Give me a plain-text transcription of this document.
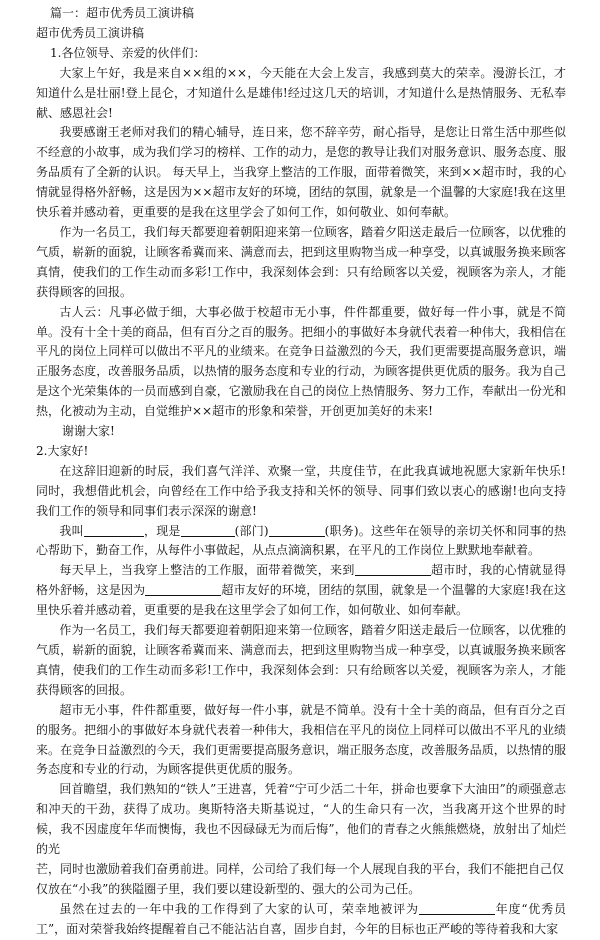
篇一：超市优秀员工演讲稿
超市优秀员工演讲稿
1.各位领导、亲爱的伙伴们：
大家上午好，我是来自××组的××，今天能在大会上发言，我感到莫大的荣幸。漫游长江，才知道什么是壮丽!登上昆仑，才知道什么是雄伟!经过这几天的培训，才知道什么是热情服务、无私奉献、感恩社会!
我要感谢王老师对我们的精心辅导，连日来，您不辞辛劳，耐心指导，是您让日常生活中那些似不经意的小故事，成为我们学习的榜样、工作的动力，是您的教导让我们对服务意识、服务态度、服务品质有了全新的认识。 每天早上，当我穿上整洁的工作服，面带着微笑，来到××超市时，我的心情就显得格外舒畅，这是因为××超市友好的环境，团结的氛围，就象是一个温馨的大家庭!我在这里快乐着并感动着，更重要的是我在这里学会了如何工作，如何敬业、如何奉献。
作为一名员工，我们每天都要迎着朝阳迎来第一位顾客，踏着夕阳送走最后一位顾客，以优雅的气质，崭新的面貌，让顾客希冀而来、满意而去，把到这里购物当成一种享受，以真诚服务换来顾客真情，使我们的工作生动而多彩!工作中，我深刻体会到：只有给顾客以关爱，视顾客为亲人，才能获得顾客的回报。
古人云：凡事必做于细，大事必做于校超市无小事，件件都重要，做好每一件小事，就是不简单。没有十全十美的商品，但有百分之百的服务。把细小的事做好本身就代表着一种伟大，我相信在平凡的岗位上同样可以做出不平凡的业绩来。在竞争日益激烈的今天，我们更需要提高服务意识，端正服务态度，改善服务品质，以热情的服务态度和专业的行动，为顾客提供更优质的服务。我为自己是这个光荣集体的一员而感到自豪，它激励我在自己的岗位上热情服务、努力工作，奉献出一份光和热，化被动为主动，自觉维护××超市的形象和荣誉，开创更加美好的未来!
谢谢大家!
2.大家好!
在这辞旧迎新的时辰，我们喜气洋洋、欢聚一堂，共度佳节，在此我真诚地祝愿大家新年快乐!同时，我想借此机会，向曾经在工作中给予我支持和关怀的领导、同事们致以衷心的感谢!也向支持我们工作的领导和同事们表示深深的谢意!
我叫	，现是	(部门)	(职务)。这些年在领导的亲切关怀和同事的热心帮助下，勤奋工作，从每件小事做起，从点点滴滴积累，在平凡的工作岗位上默默地奉献着。
每天早上，当我穿上整洁的工作服，面带着微笑，来到	超市时，我的心情就显得格外舒畅，这是因为	超市友好的环境，团结的氛围，就象是一个温馨的大家庭!我在这里快乐着并感动着，更重要的是我在这里学会了如何工作，如何敬业、如何奉献。
作为一名员工，我们每天都要迎着朝阳迎来第一位顾客，踏着夕阳送走最后一位顾客，以优雅的气质，崭新的面貌，让顾客希冀而来、满意而去，把到这里购物当成一种享受，以真诚服务换来顾客真情，使我们的工作生动而多彩!工作中，我深刻体会到：只有给顾客以关爱，视顾客为亲人，才能获得顾客的回报。
超市无小事，件件都重要，做好每一件小事，就是不简单。没有十全十美的商品，但有百分之百的服务。把细小的事做好本身就代表着一种伟大，我相信在平凡的岗位上同样可以做出不平凡的业绩来。在竞争日益激烈的今天，我们更需要提高服务意识，端正服务态度，改善服务品质，以热情的服务态度和专业的行动，为顾客提供更优质的服务。
回首瞻望，我们熟知的“铁人”王进喜，凭着“宁可少活二十年，拼命也要拿下大油田”的顽强意志和冲天的干劲，获得了成功。奥斯特洛夫斯基说过，“人的生命只有一次，当我离开这个世界的时候，我不因虚度年华而懊悔，我也不因碌碌无为而后悔”，他们的青春之火熊熊燃烧，放射出了灿烂的光
芒，同时也激励着我们奋勇前进。同样，公司给了我们每一个人展现自我的平台，我们不能把自己仅仅放在“小我”的狭隘圈子里，我们要以建设新型的、强大的公司为己任。
虽然在过去的一年中我的工作得到了大家的认可，荣幸地被评为	年度“优秀员工”，面对荣誉我始终提醒着自己不能沾沾自喜，固步自封，今年的目标也正严峻的等待着我和大家
